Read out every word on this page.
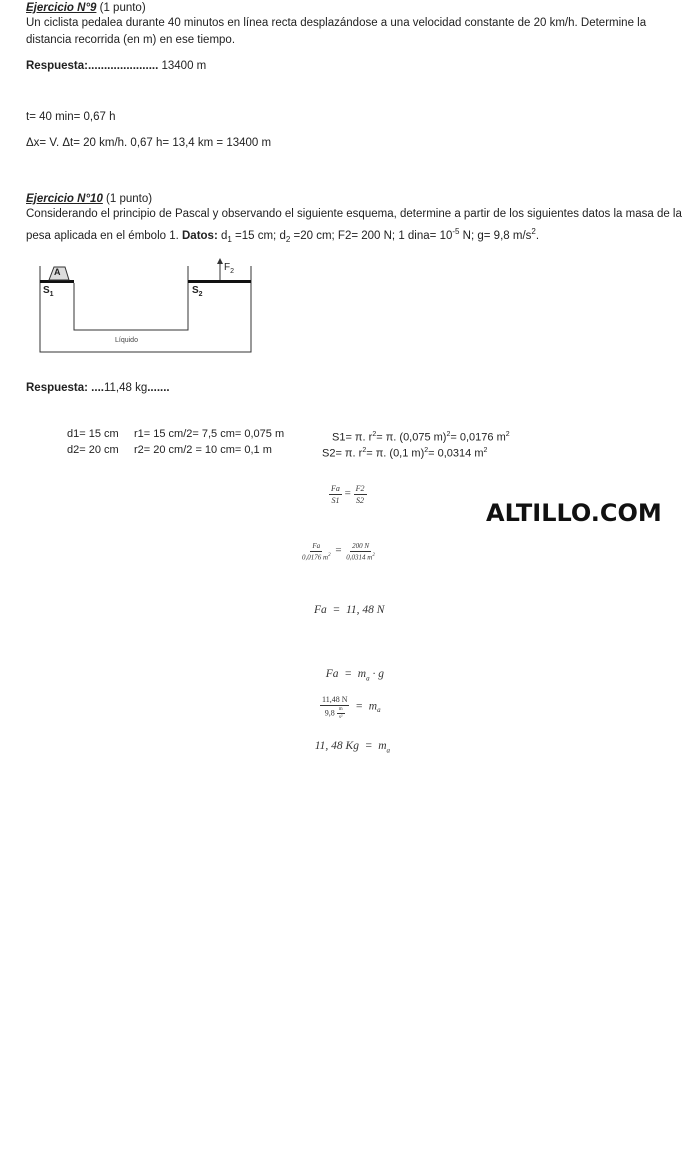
Ejercicio N°9 (1 punto)
Un ciclista pedalea durante 40 minutos en línea recta desplazándose a una velocidad constante de 20 km/h. Determine la
distancia recorrida (en m) en ese tiempo.
Respuesta:...................... 13400 m
t= 40 min= 0,67 h
Δx= V. Δt= 20 km/h. 0,67 h= 13,4 km = 13400 m
Ejercicio N°10 (1 punto)
Considerando el principio de Pascal y observando el siguiente esquema, determine a partir de los siguientes datos la masa de la
pesa aplicada en el émbolo 1. Datos: $d_1 =15$ cm; $d_2 =20$ cm; F2= 200 N; 1 dina= $10^{-5}$ N; g= 9,8 $m/s^2$.
A
$S_1$	$S_2$
$F_2$
Líquido
Respuesta: ....11,48 kg.......
d1= 15 cm r1= 15 cm/2= 7,5 cm= 0,075 m	S1= π. $r^2= \pi$. (0,075 m)$^2$= 0,0176 $m^2$
d2= 20 cm r2= 20 cm/2 = 10 cm= 0,1 m	S2= π. $r^2= \pi$. (0,1 m)$^2$= 0,0314 $m^2$
$\frac{Fa}{S1} = \frac{F2}{S2}$
ALTILLO.COM
$\frac{Fa}{0,0176 m^2} = \frac{200 N}{0,0314 m^2}$
Fa  =  11, 48 N

$Fa = m_a \cdot g$

$\frac{11,48 N}{9,8 \frac{m}{\text{s²}}} = m_a$

11, 48 $Kg = m_a$
